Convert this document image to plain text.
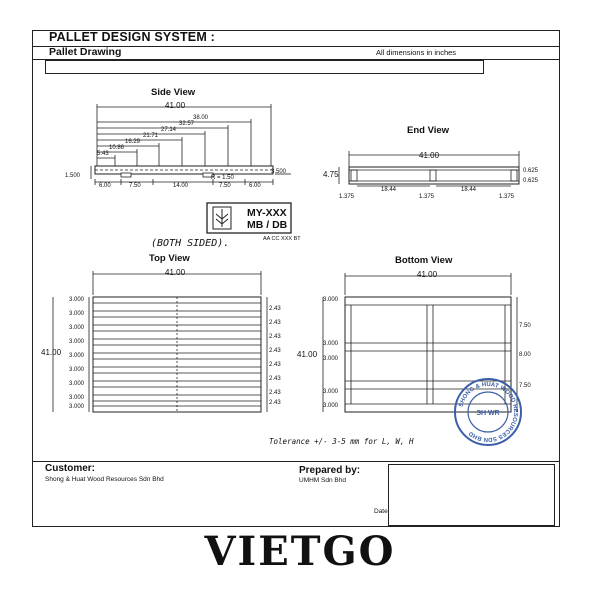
PALLET DESIGN SYSTEM :
Pallet Drawing	All dimensions in inches
Side View
41.00
38.00
32.57
27.14
21.71
16.29
10.86
5.43
1.500
3.500
6.00	7.50	14.00	7.50	6.00
R = 1.50
End View
41.00
4.75	0.625
0.625
18.44	18.44
1.375	1.375	1.375
MY-XXX
MB / DB
AA CC XXX BT
(BOTH SIDED).
Top View
41.00
41.00
3.000
3.000
3.000
3.000
3.000
3.000
3.000
3.000
3.000
2.43
2.43
2.43
2.43
2.43
2.43
2.43
2.43
Bottom View
41.00
41.00
3.000
3.000
3.000
3.000
3.000
7.50
8.00
7.50
SHONG & HUAT WOOD RESOURCES SDN BHD
SH WR
Tolerance +/- 3-5 mm for L, W, H
Customer:
Shong & Huat Wood Resources Sdn Bhd
Prepared by:
UMHM Sdn Bhd
Date
VIETGO
